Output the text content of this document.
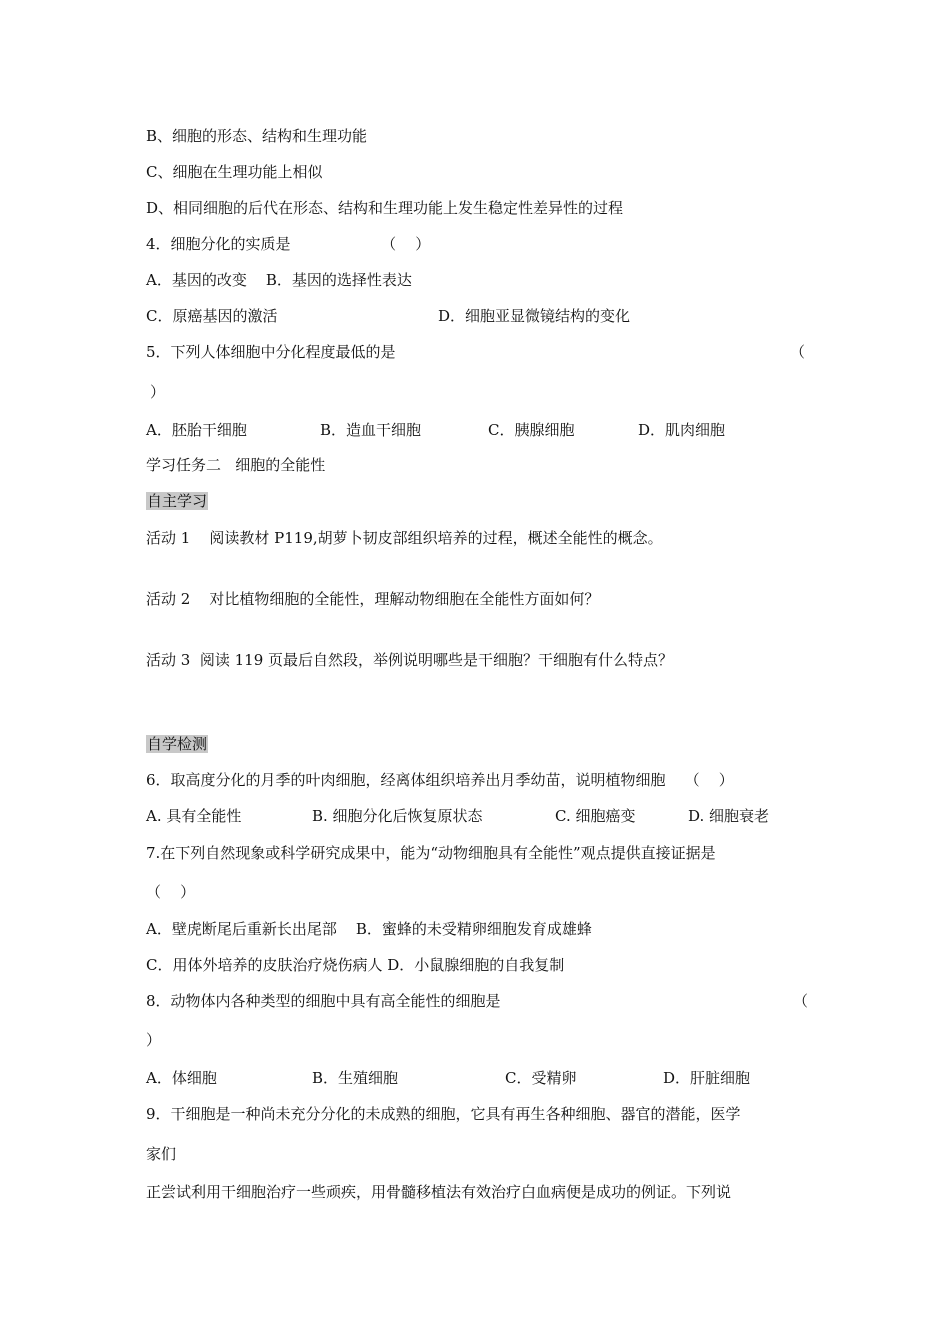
B、细胞的形态、结构和生理功能
C、细胞在生理功能上相似
D、相同细胞的后代在形态、结构和生理功能上发生稳定性差异性的过程
4．细胞分化的实质是                   （    ）
A．基因的改变    B．基因的选择性表达
C．原癌基因的激活	D．细胞亚显微镜结构的变化
5．下列人体细胞中分化程度最低的是	（
）
A．胚胎干细胞	B．造血干细胞	C．胰腺细胞	D．肌肉细胞
学习任务二   细胞的全能性
自主学习
活动 1    阅读教材 P119,胡萝卜韧皮部组织培养的过程，概述全能性的概念。
活动 2    对比植物细胞的全能性，理解动物细胞在全能性方面如何？
活动 3  阅读 119 页最后自然段，举例说明哪些是干细胞？干细胞有什么特点？
自学检测
6．取高度分化的月季的叶肉细胞，经离体组织培养出月季幼苗，说明植物细胞    （    ）
A. 具有全能性	B. 细胞分化后恢复原状态	C. 细胞癌变	D. 细胞衰老
7.在下列自然现象或科学研究成果中，能为“动物细胞具有全能性”观点提供直接证据是
（    ）
A．壁虎断尾后重新长出尾部    B．蜜蜂的未受精卵细胞发育成雄蜂
C．用体外培养的皮肤治疗烧伤病人 D．小鼠腺细胞的自我复制
8．动物体内各种类型的细胞中具有高全能性的细胞是	（
）
A．体细胞	B．生殖细胞	C．受精卵	D．肝脏细胞
9．干细胞是一种尚未充分分化的未成熟的细胞，它具有再生各种细胞、器官的潜能，医学
家们
正尝试利用干细胞治疗一些顽疾，用骨髓移植法有效治疗白血病便是成功的例证。下列说
